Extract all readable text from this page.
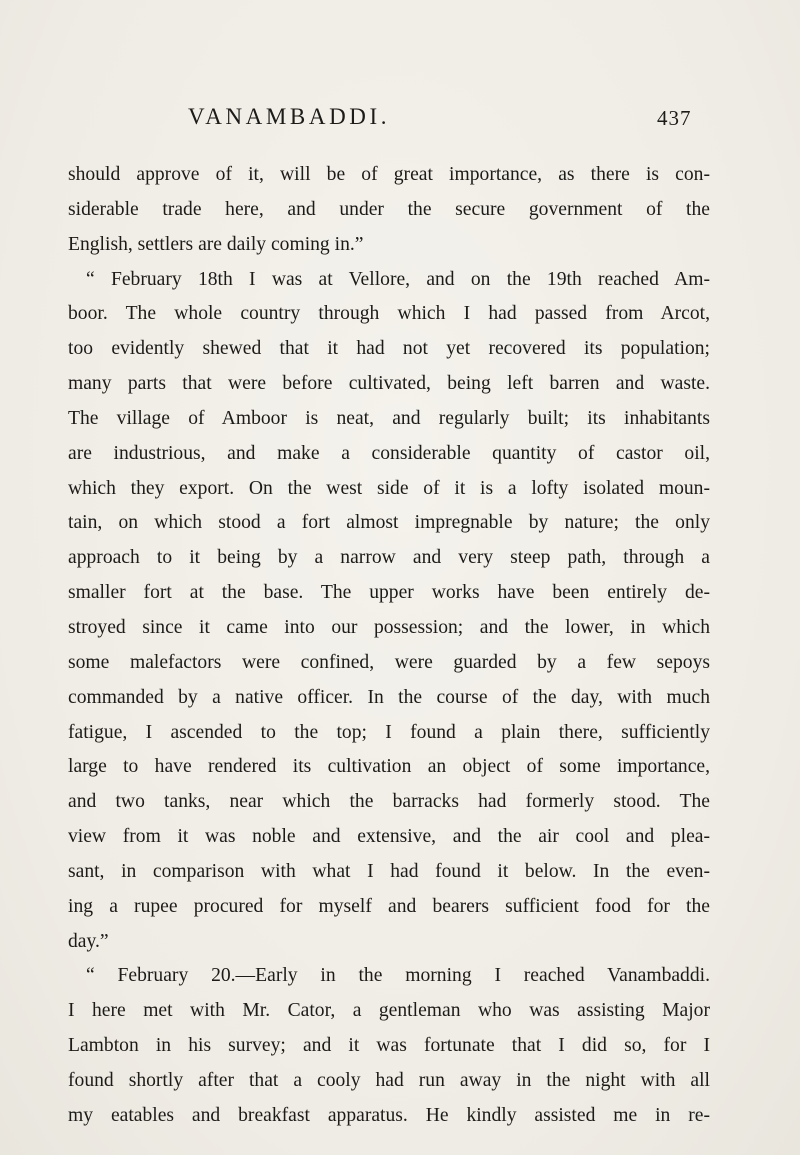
VANAMBADDI.	437
should approve of it, will be of great importance, as there is con-
siderable trade here, and under the secure government of the
English, settlers are daily coming in.”
“ February 18th I was at Vellore, and on the 19th reached Am-
boor. The whole country through which I had passed from Arcot,
too evidently shewed that it had not yet recovered its population;
many parts that were before cultivated, being left barren and waste.
The village of Amboor is neat, and regularly built; its inhabitants
are industrious, and make a considerable quantity of castor oil,
which they export. On the west side of it is a lofty isolated moun-
tain, on which stood a fort almost impregnable by nature; the only
approach to it being by a narrow and very steep path, through a
smaller fort at the base. The upper works have been entirely de-
stroyed since it came into our possession; and the lower, in which
some malefactors were confined, were guarded by a few sepoys
commanded by a native officer. In the course of the day, with much
fatigue, I ascended to the top; I found a plain there, sufficiently
large to have rendered its cultivation an object of some importance,
and two tanks, near which the barracks had formerly stood. The
view from it was noble and extensive, and the air cool and plea-
sant, in comparison with what I had found it below. In the even-
ing a rupee procured for myself and bearers sufficient food for the
day.”
“ February 20.—Early in the morning I reached Vanambaddi.
I here met with Mr. Cator, a gentleman who was assisting Major
Lambton in his survey; and it was fortunate that I did so, for I
found shortly after that a cooly had run away in the night with all
my eatables and breakfast apparatus. He kindly assisted me in re-
